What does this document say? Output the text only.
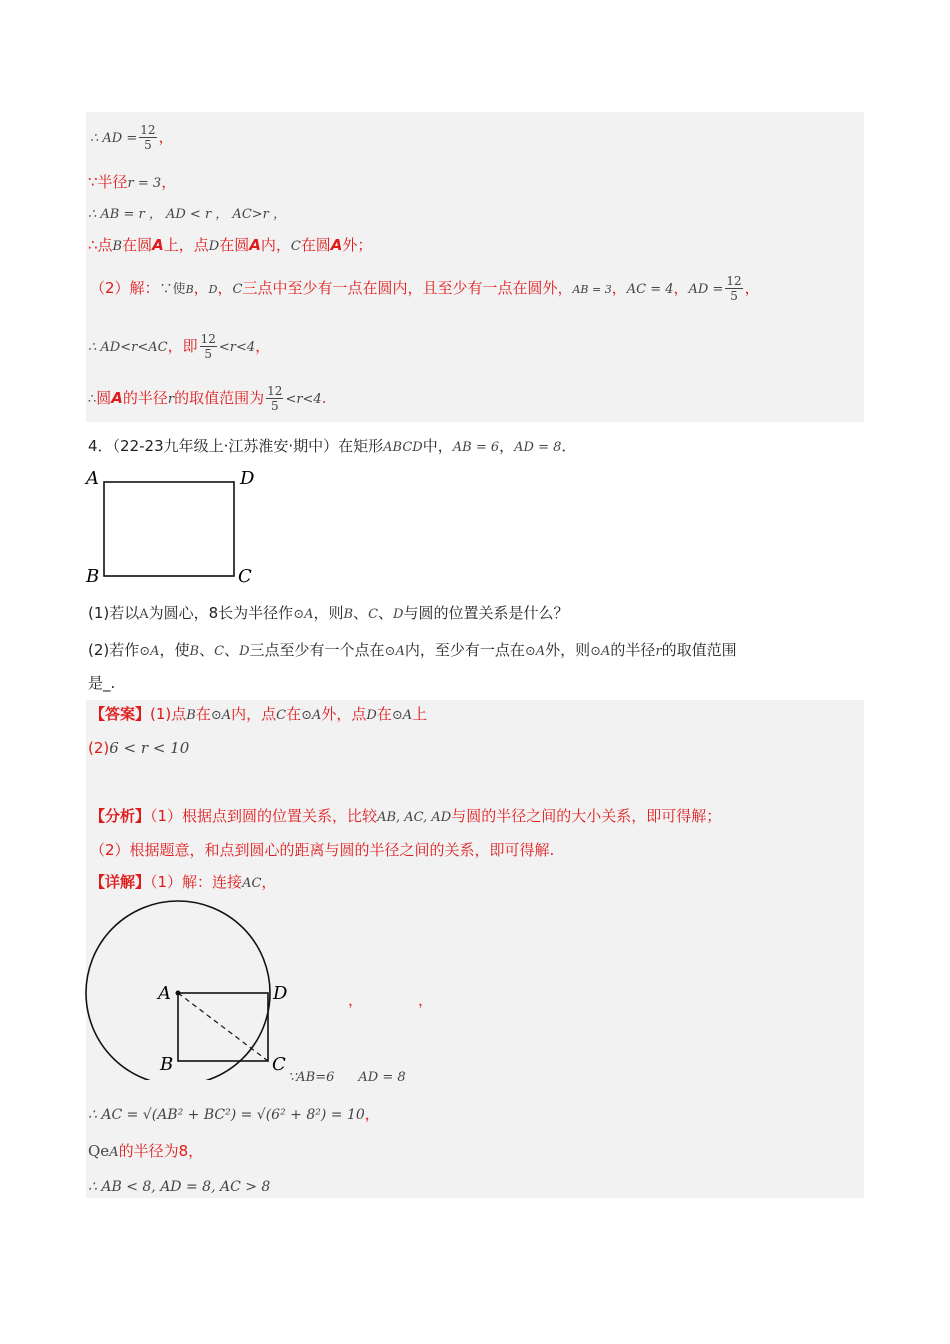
∴ AD = $\frac{12}{5}$ ，
∵半径r = 3，
∴ AB = r ， AD < r ， AC>r ，
∴点B在圆A上，点D在圆A内，C在圆A外；
（2）解：∵使B，D，C三点中至少有一点在圆内，且至少有一点在圆外，AB = 3，AC = 4，AD = $\frac{12}{5}$ ，
∴ AD<r<AC，即 $\frac{12}{5} <r<4$，
∴圆A的半径r的取值范围为 $\frac{12}{5} <r<4$.
4．（22-23九年级上·江苏淮安·期中）在矩形ABCD中，AB = 6，AD = 8．
A	D
B	C
(1)若以A为圆心，8长为半径作⊙A，则B、C、D与圆的位置关系是什么？
(2)若作⊙A，使B、C、D三点至少有一个点在⊙A内，至少有一点在⊙A外，则⊙A的半径r的取值范围
是_.
【答案】(1)点B在⊙A内，点C在⊙A外，点D在⊙A上
(2)6 < r < 10
【分析】（1）根据点到圆的位置关系，比较AB, AC, AD与圆的半径之间的大小关系，即可得解；
（2）根据题意，和点到圆心的距离与圆的半径之间的关系，即可得解.
【详解】（1）解：连接AC，
A	D
B	C
，	，
∵AB=6 AD = 8
∴ AC = √(AB² + BC²) = √(6² + 8²) = 10，
QeA的半径为8，
∴ AB < 8, AD = 8, AC > 8
